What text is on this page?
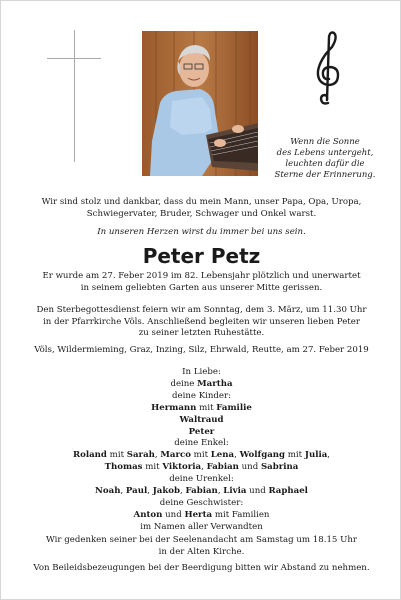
Wenn die Sonne
des Lebens untergeht,
leuchten dafür die
Sterne der Erinnerung.
Wir sind stolz und dankbar, dass du mein Mann, unser Papa, Opa, Uropa,
Schwiegervater, Bruder, Schwager und Onkel warst.
In unseren Herzen wirst du immer bei uns sein.
Peter Petz
Er wurde am 27. Feber 2019 im 82. Lebensjahr plötzlich und unerwartet
in seinem geliebten Garten aus unserer Mitte gerissen.
Den Sterbegottesdienst feiern wir am Sonntag, dem 3. März, um 11.30 Uhr
in der Pfarrkirche Völs. Anschließend begleiten wir unseren lieben Peter
zu seiner letzten Ruhestätte.
Völs, Wildermieming, Graz, Inzing, Silz, Ehrwald, Reutte, am 27. Feber 2019
In Liebe:
deine Martha
deine Kinder:
Hermann mit Familie
Waltraud
Peter
deine Enkel:
Roland mit Sarah, Marco mit Lena, Wolfgang mit Julia,
Thomas mit Viktoria, Fabian und Sabrina
deine Urenkel:
Noah, Paul, Jakob, Fabian, Livia und Raphael
deine Geschwister:
Anton und Herta mit Familien
im Namen aller Verwandten
Wir gedenken seiner bei der Seelenandacht am Samstag um 18.15 Uhr
in der Alten Kirche.
Von Beileidsbezeugungen bei der Beerdigung bitten wir Abstand zu nehmen.
